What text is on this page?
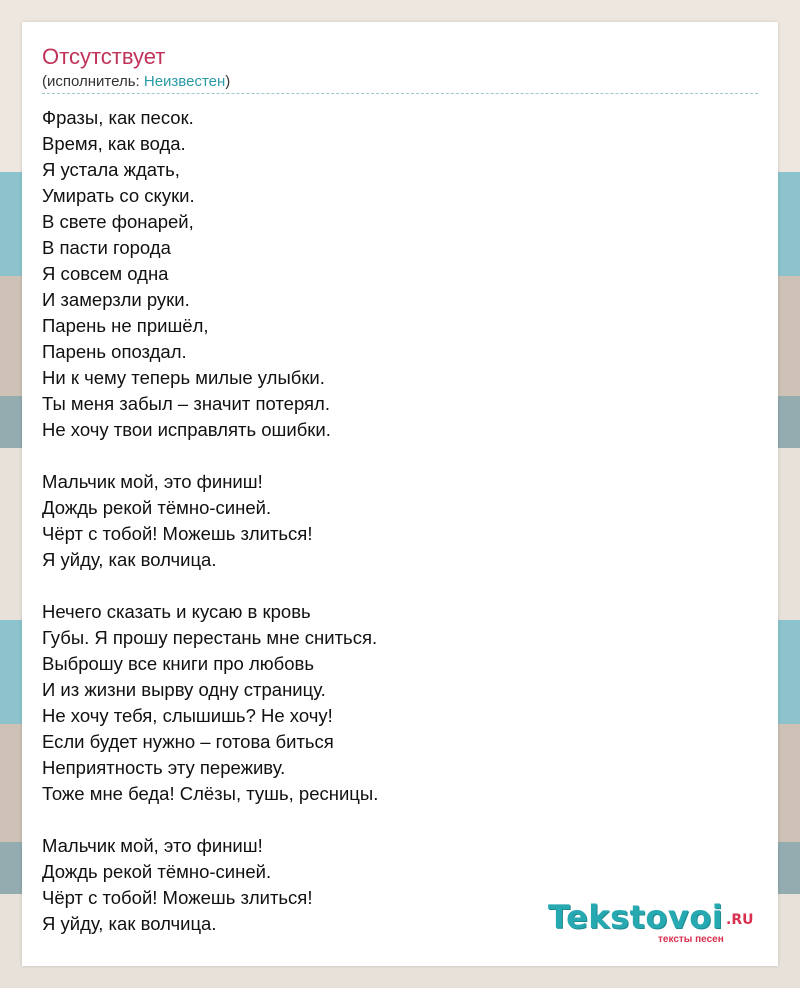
Отсутствует
(исполнитель: Неизвестен)
Фразы, как песок.
Время, как вода.
Я устала ждать,
Умирать со скуки.
В свете фонарей,
В пасти города
Я совсем одна
И замерзли руки.
Парень не пришёл,
Парень опоздал.
Ни к чему теперь милые улыбки.
Ты меня забыл – значит потерял.
Не хочу твои исправлять ошибки.
Мальчик мой, это финиш!
Дождь рекой тёмно-синей.
Чёрт с тобой! Можешь злиться!
Я уйду, как волчица.
Нечего сказать и кусаю в кровь
Губы. Я прошу перестань мне сниться.
Выброшу все книги про любовь
И из жизни вырву одну страницу.
Не хочу тебя, слышишь? Не хочу!
Если будет нужно – готова биться
Неприятность эту переживу.
Тоже мне беда! Слёзы, тушь, ресницы.
Мальчик мой, это финиш!
Дождь рекой тёмно-синей.
Чёрт с тобой! Можешь злиться!
Я уйду, как волчица.	Tekstovoi .RU
тексты песен
